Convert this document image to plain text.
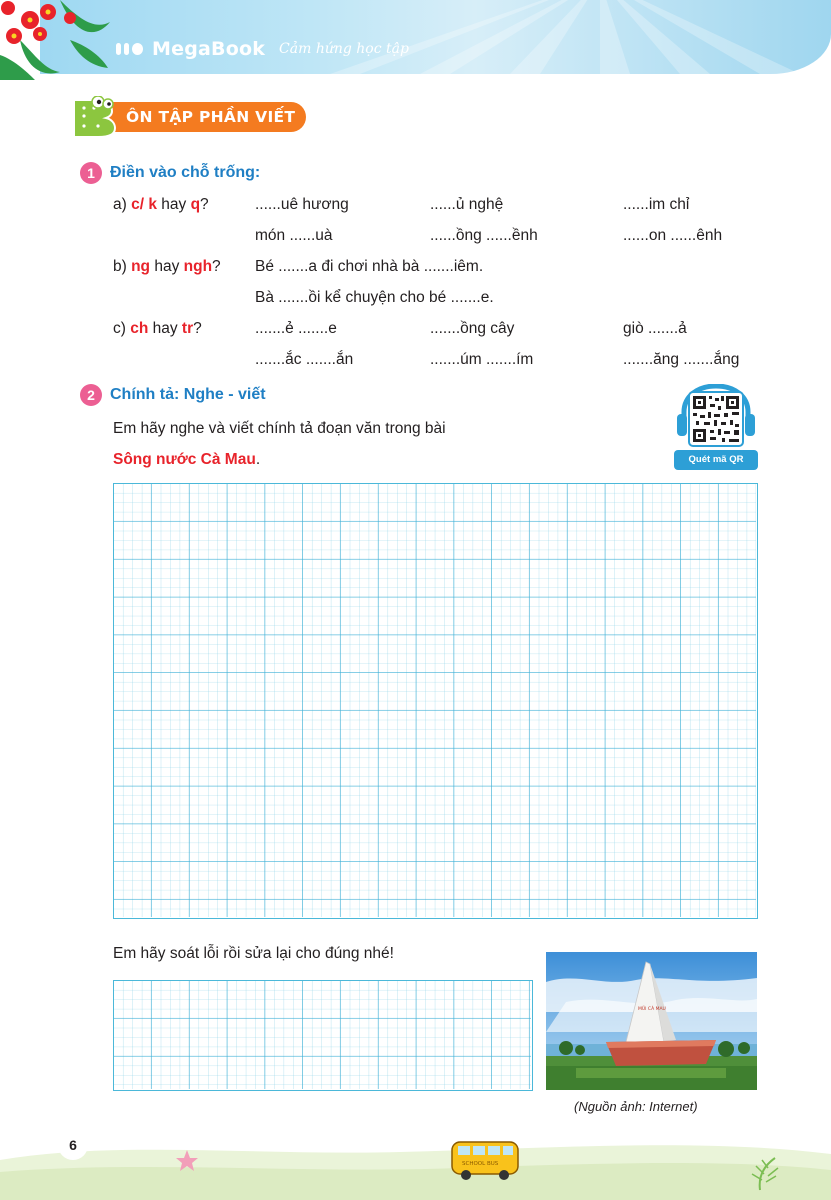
MegaBook Cảm hứng học tập
ÔN TẬP PHẦN VIẾT
1 Điền vào chỗ trống:
a) c/ k hay q?	......uê hương	......ủ nghệ	......im chỉ
món ......uà	......ồng ......ềnh	......on ......ênh
b) ng hay ngh? Bé .......a đi chơi nhà bà .......iêm.
Bà .......ồi kể chuyện cho bé .......e.
c) ch hay tr?	.......ẻ .......e	.......ồng cây	giò .......ả
.......ắc .......ắn	.......úm .......ím	.......ăng .......ắng
2 Chính tả: Nghe - viết
Em hãy nghe và viết chính tả đoạn văn trong bài
Sông nước Cà Mau.	Quét mã QR
Em hãy soát lỗi rồi sửa lại cho đúng nhé!
MŨI CÀ MAU
(Nguồn ảnh: Internet)
SCHOOL BUS
6
